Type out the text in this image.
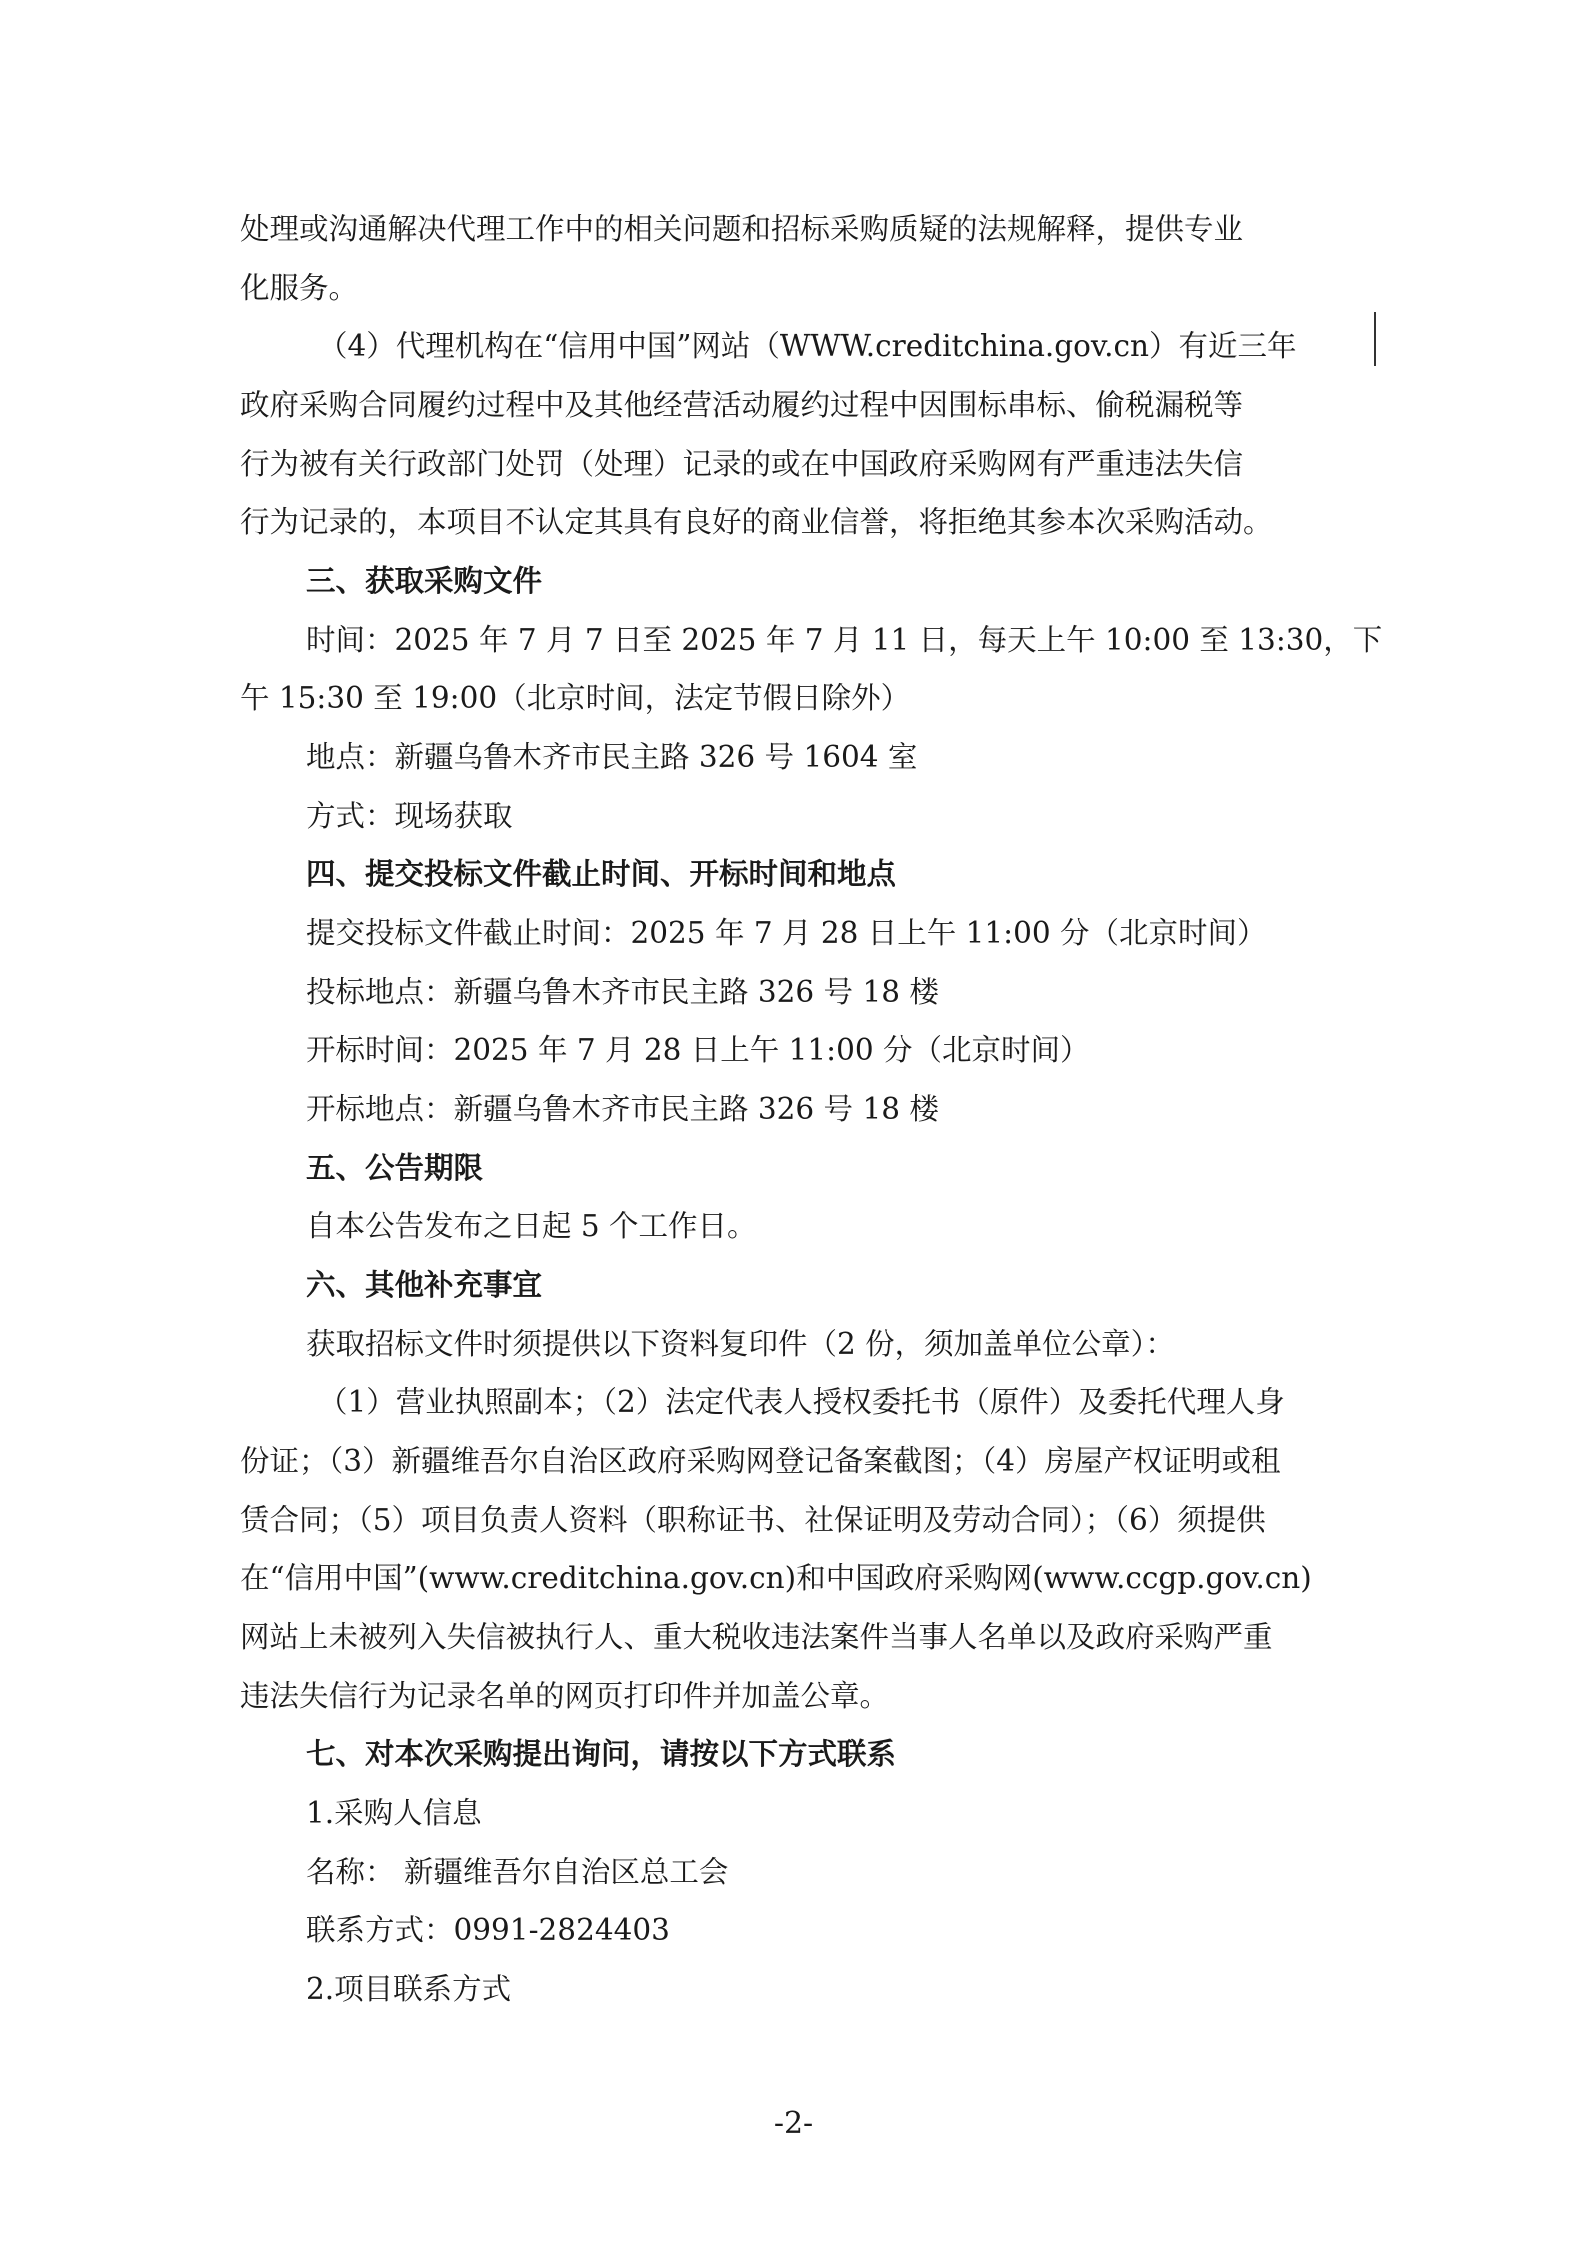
处理或沟通解决代理工作中的相关问题和招标采购质疑的法规解释，提供专业
化服务。
（4）代理机构在“信用中国”网站（WWW.creditchina.gov.cn）有近三年
政府采购合同履约过程中及其他经营活动履约过程中因围标串标、偷税漏税等
行为被有关行政部门处罚（处理）记录的或在中国政府采购网有严重违法失信
行为记录的，本项目不认定其具有良好的商业信誉，将拒绝其参本次采购活动。
三、获取采购文件
时间：2025 年 7 月 7 日至 2025 年 7 月 11 日，每天上午 10:00 至 13:30，下
午 15:30 至 19:00（北京时间，法定节假日除外）
地点：新疆乌鲁木齐市民主路 326 号 1604 室
方式：现场获取
四、提交投标文件截止时间、开标时间和地点
提交投标文件截止时间：2025 年 7 月 28 日上午 11:00 分（北京时间）
投标地点：新疆乌鲁木齐市民主路 326 号 18 楼
开标时间：2025 年 7 月 28 日上午 11:00 分（北京时间）
开标地点：新疆乌鲁木齐市民主路 326 号 18 楼
五、公告期限
自本公告发布之日起 5 个工作日。
六、其他补充事宜
获取招标文件时须提供以下资料复印件（2 份，须加盖单位公章）：
（1）营业执照副本；（2）法定代表人授权委托书（原件）及委托代理人身
份证；（3）新疆维吾尔自治区政府采购网登记备案截图；（4）房屋产权证明或租
赁合同；（5）项目负责人资料（职称证书、社保证明及劳动合同）；（6）须提供
在“信用中国”(www.creditchina.gov.cn)和中国政府采购网(www.ccgp.gov.cn)
网站上未被列入失信被执行人、重大税收违法案件当事人名单以及政府采购严重
违法失信行为记录名单的网页打印件并加盖公章。
七、对本次采购提出询问，请按以下方式联系
1.采购人信息
名称： 新疆维吾尔自治区总工会
联系方式：0991-2824403
2.项目联系方式
-2-
